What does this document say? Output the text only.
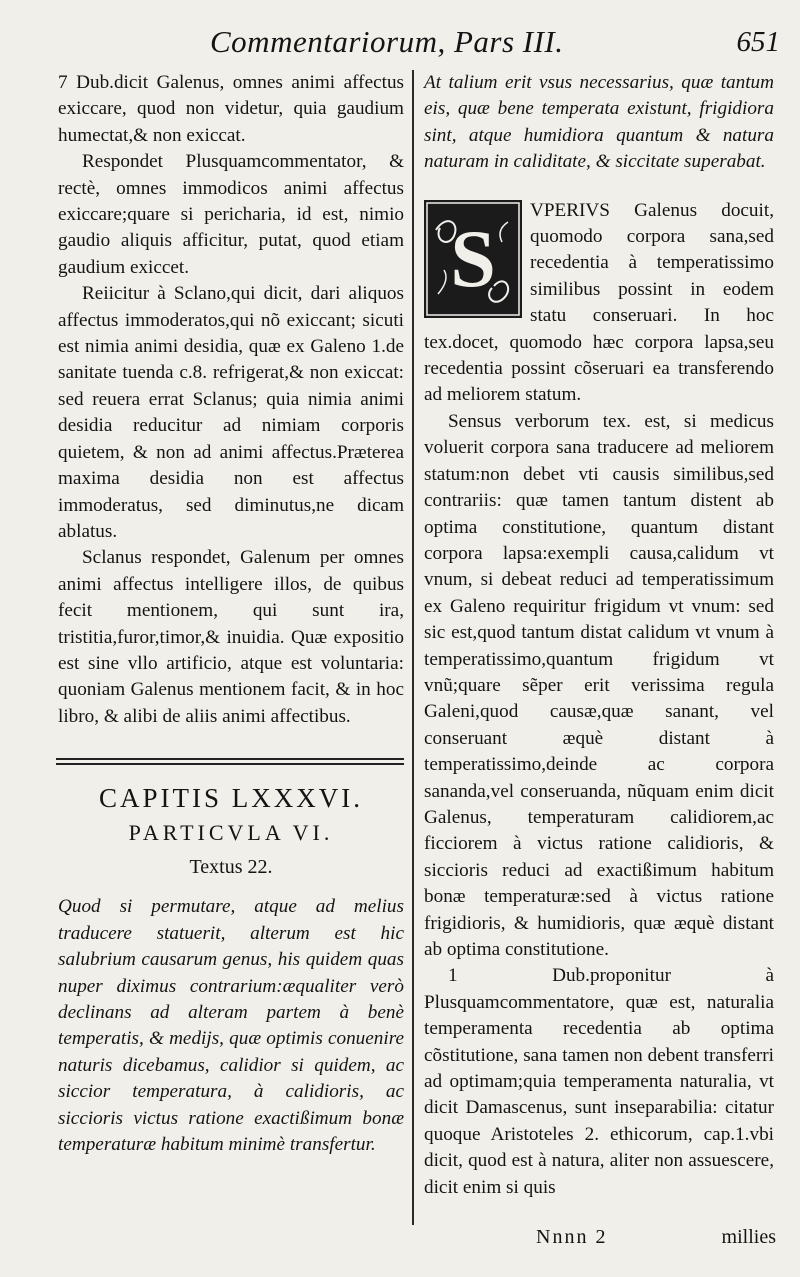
Commentariorum, Pars III.	651

7 Dub.dicit Galenus, omnes animi affectus exiccare, quod non videtur, quia gaudium humectat,& non exiccat.

Respondet Plusquamcommentator, & rectè, omnes immodicos animi affectus exiccare;quare si pericharia, id est, nimio gaudio aliquis afficitur, putat, quod etiam gaudium exiccet.

Reiicitur à Sclano,qui dicit, dari aliquos affectus immoderatos,qui nõ exiccant; sicuti est nimia animi desidia, quæ ex Galeno 1.de sanitate tuenda c.8. refrigerat,& non exiccat: sed reuera errat Sclanus; quia nimia animi desidia reducitur ad nimiam corporis quietem, & non ad animi affectus.Præterea maxima desidia non est affectus immoderatus, sed diminutus,ne dicam ablatus.

Sclanus respondet, Galenum per omnes animi affectus intelligere illos, de quibus fecit mentionem, qui sunt ira, tristitia,furor,timor,& inuidia. Quæ expositio est sine vllo artificio, atque est voluntaria: quoniam Galenus mentionem facit, & in hoc libro, & alibi de aliis animi affectibus.

CAPITIS LXXXVI.
PARTICVLA VI.
Textus 22.

Quod si permutare, atque ad melius traducere statuerit, alterum est hic salubrium causarum genus, his quidem quas nuper diximus contrarium:æqualiter verò declinans ad alteram partem à benè temperatis, & medijs, quæ optimis conuenire naturis dicebamus, calidior si quidem, ac siccior temperatura, à calidioris, ac siccioris victus ratione exactißimum bonæ temperaturæ habitum minimè transfertur.

At talium erit vsus necessarius, quæ tantum eis, quæ bene temperata existunt, frigidiora sint, atque humidiora quantum & natura naturam in caliditate, & siccitate superabat.

S

VPERIVS Galenus docuit, quomodo corpora sana,sed recedentia à temperatissimo similibus possint in eodem statu conseruari. In hoc tex.docet, quomodo hæc corpora lapsa,seu recedentia possint cõseruari ea transferendo ad meliorem statum.

Sensus verborum tex. est, si medicus voluerit corpora sana traducere ad meliorem statum:non debet vti causis similibus,sed contrariis: quæ tamen tantum distent ab optima constitutione, quantum distant corpora lapsa:exempli causa,calidum vt vnum, si debeat reduci ad temperatissimum ex Galeno requiritur frigidum vt vnum: sed sic est,quod tantum distat calidum vt vnum à temperatissimo,quantum frigidum vt vnũ;quare sẽper erit verissima regula Galeni,quod causæ,quæ sanant, vel conseruant æquè distant à temperatissimo,deinde ac corpora sananda,vel conseruanda, nũquam enim dicit Galenus, temperaturam calidiorem,ac ficciorem à victus ratione calidioris, & siccioris reduci ad exactißimum habitum bonæ temperaturæ:sed à victus ratione frigidioris, & humidioris, quæ æquè distant ab optima constitutione.

1 Dub.proponitur à Plusquamcommentatore, quæ est, naturalia temperamenta recedentia ab optima cõstitutione, sana tamen non debent transferri ad optimam;quia temperamenta naturalia, vt dicit Damascenus, sunt inseparabilia: citatur quoque Aristoteles 2. ethicorum, cap.1.vbi dicit, quod est à natura, aliter non assuescere, dicit enim si quis

Nnnn 2	millies
